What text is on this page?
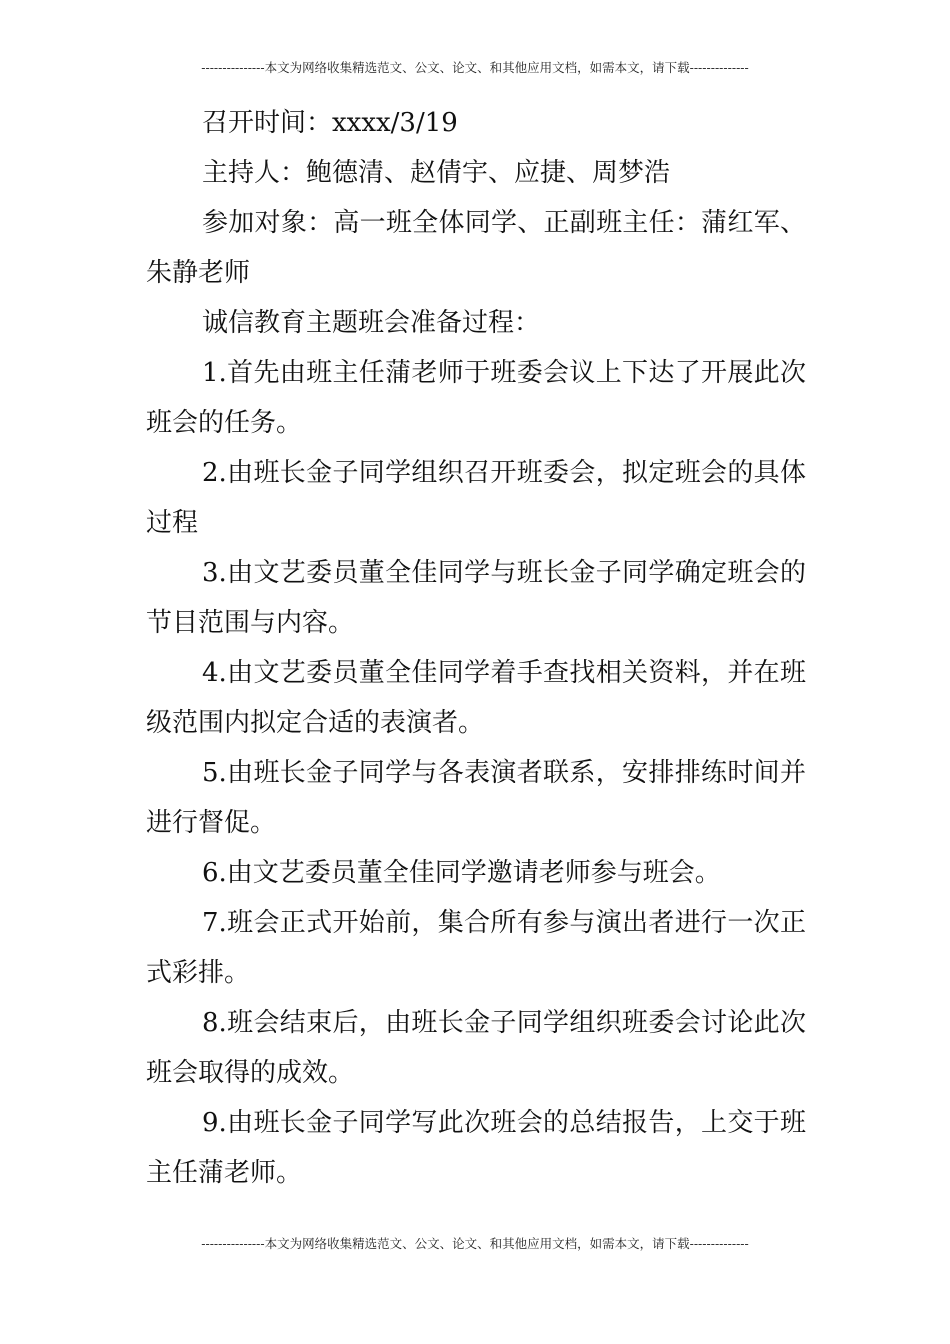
---------------本文为网络收集精选范文、公文、论文、和其他应用文档，如需本文，请下载--------------

召开时间：xxxx/3/19

主持人：鲍德清、赵倩宇、应捷、周梦浩

参加对象：高一班全体同学、正副班主任：蒲红军、朱静老师

诚信教育主题班会准备过程：

1.首先由班主任蒲老师于班委会议上下达了开展此次班会的任务。

2.由班长金子同学组织召开班委会，拟定班会的具体过程

3.由文艺委员董全佳同学与班长金子同学确定班会的节目范围与内容。

4.由文艺委员董全佳同学着手查找相关资料，并在班级范围内拟定合适的表演者。

5.由班长金子同学与各表演者联系，安排排练时间并进行督促。

6.由文艺委员董全佳同学邀请老师参与班会。

7.班会正式开始前，集合所有参与演出者进行一次正式彩排。

8.班会结束后，由班长金子同学组织班委会讨论此次班会取得的成效。

9.由班长金子同学写此次班会的总结报告，上交于班主任蒲老师。

---------------本文为网络收集精选范文、公文、论文、和其他应用文档，如需本文，请下载--------------
